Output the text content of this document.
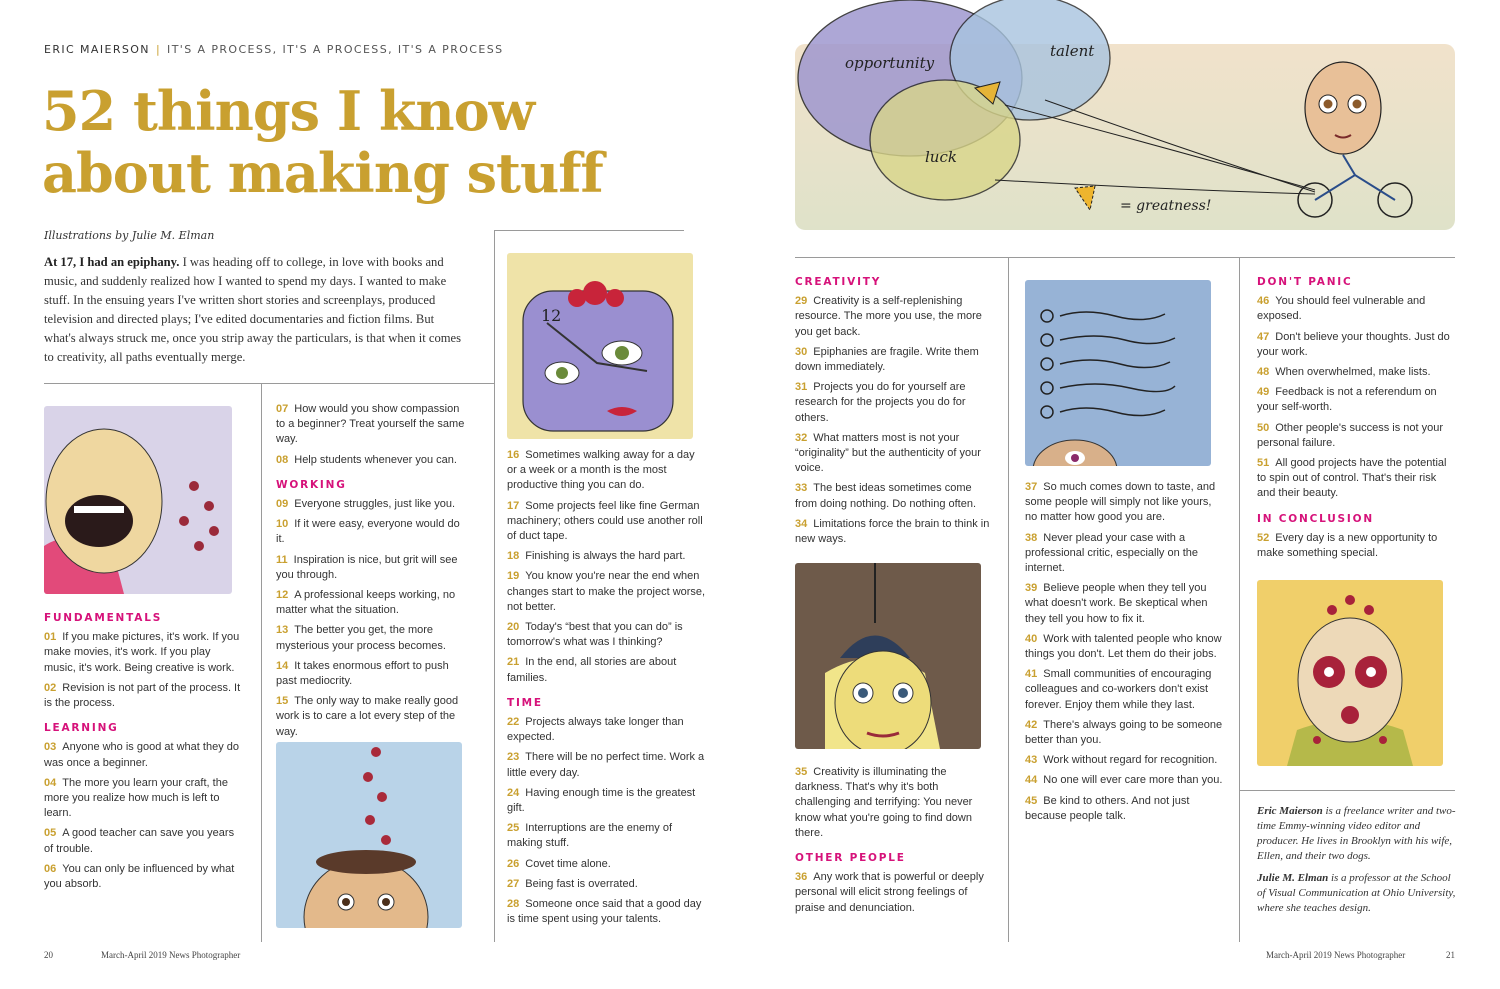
ERIC MAIERSON | IT'S A PROCESS, IT'S A PROCESS, IT'S A PROCESS
52 things I know
about making stuff
Illustrations by Julie M. Elman

At 17, I had an epiphany. I was heading off to college, in love with books and music, and suddenly realized how I wanted to spend my days. I wanted to make stuff. In the ensuing years I've written short stories and screenplays, produced television and directed plays; I've edited documentaries and fiction films. But what's always struck me, once you strip away the particulars, is that when it comes to creativity, all paths eventually merge.

opportunity
talent
luck
= greatness!
12
FUNDAMENTALS
01 If you make pictures, it's work. If you make movies, it's work. If you play music, it's work. Being creative is work.
02 Revision is not part of the process. It is the process.
LEARNING
03 Anyone who is good at what they do was once a beginner.
04 The more you learn your craft, the more you realize how much is left to learn.
05 A good teacher can save you years of trouble.
06 You can only be influenced by what you absorb.
07 How would you show compassion to a beginner? Treat yourself the same way.
08 Help students whenever you can.
WORKING
09 Everyone struggles, just like you.
10 If it were easy, everyone would do it.
11 Inspiration is nice, but grit will see you through.
12 A professional keeps working, no matter what the situation.
13 The better you get, the more mysterious your process becomes.
14 It takes enormous effort to push past mediocrity.
15 The only way to make really good work is to care a lot every step of the way.
16 Sometimes walking away for a day or a week or a month is the most productive thing you can do.
17 Some projects feel like fine German machinery; others could use another roll of duct tape.
18 Finishing is always the hard part.
19 You know you're near the end when changes start to make the project worse, not better.
20 Today's “best that you can do” is tomorrow's what was I thinking?
21 In the end, all stories are about families.
TIME
22 Projects always take longer than expected.
23 There will be no perfect time. Work a little every day.
24 Having enough time is the greatest gift.
25 Interruptions are the enemy of making stuff.
26 Covet time alone.
27 Being fast is overrated.
28 Someone once said that a good day is time spent using your talents.
CREATIVITY
29 Creativity is a self-replenishing resource. The more you use, the more you get back.
30 Epiphanies are fragile. Write them down immediately.
31 Projects you do for yourself are research for the projects you do for others.
32 What matters most is not your “originality” but the authenticity of your voice.
33 The best ideas sometimes come from doing nothing. Do nothing often.
34 Limitations force the brain to think in new ways.
35 Creativity is illuminating the darkness. That's why it's both challenging and terrifying: You never know what you're going to find down there.
OTHER PEOPLE
36 Any work that is powerful or deeply personal will elicit strong feelings of praise and denunciation.
37 So much comes down to taste, and some people will simply not like yours, no matter how good you are.
38 Never plead your case with a professional critic, especially on the internet.
39 Believe people when they tell you what doesn't work. Be skeptical when they tell you how to fix it.
40 Work with talented people who know things you don't. Let them do their jobs.
41 Small communities of encouraging colleagues and co-workers don't exist forever. Enjoy them while they last.
42 There's always going to be someone better than you.
43 Work without regard for recognition.
44 No one will ever care more than you.
45 Be kind to others. And not just because people talk.
DON'T PANIC
46 You should feel vulnerable and exposed.
47 Don't believe your thoughts. Just do your work.
48 When overwhelmed, make lists.
49 Feedback is not a referendum on your self-worth.
50 Other people's success is not your personal failure.
51 All good projects have the potential to spin out of control. That's their risk and their beauty.
IN CONCLUSION
52 Every day is a new opportunity to make something special.

Eric Maierson is a freelance writer and two-time Emmy-winning video editor and producer. He lives in Brooklyn with his wife, Ellen, and their two dogs.

Julie M. Elman is a professor at the School of Visual Communication at Ohio University, where she teaches design.

20	March-April 2019 News Photographer	March-April 2019 News Photographer	21
